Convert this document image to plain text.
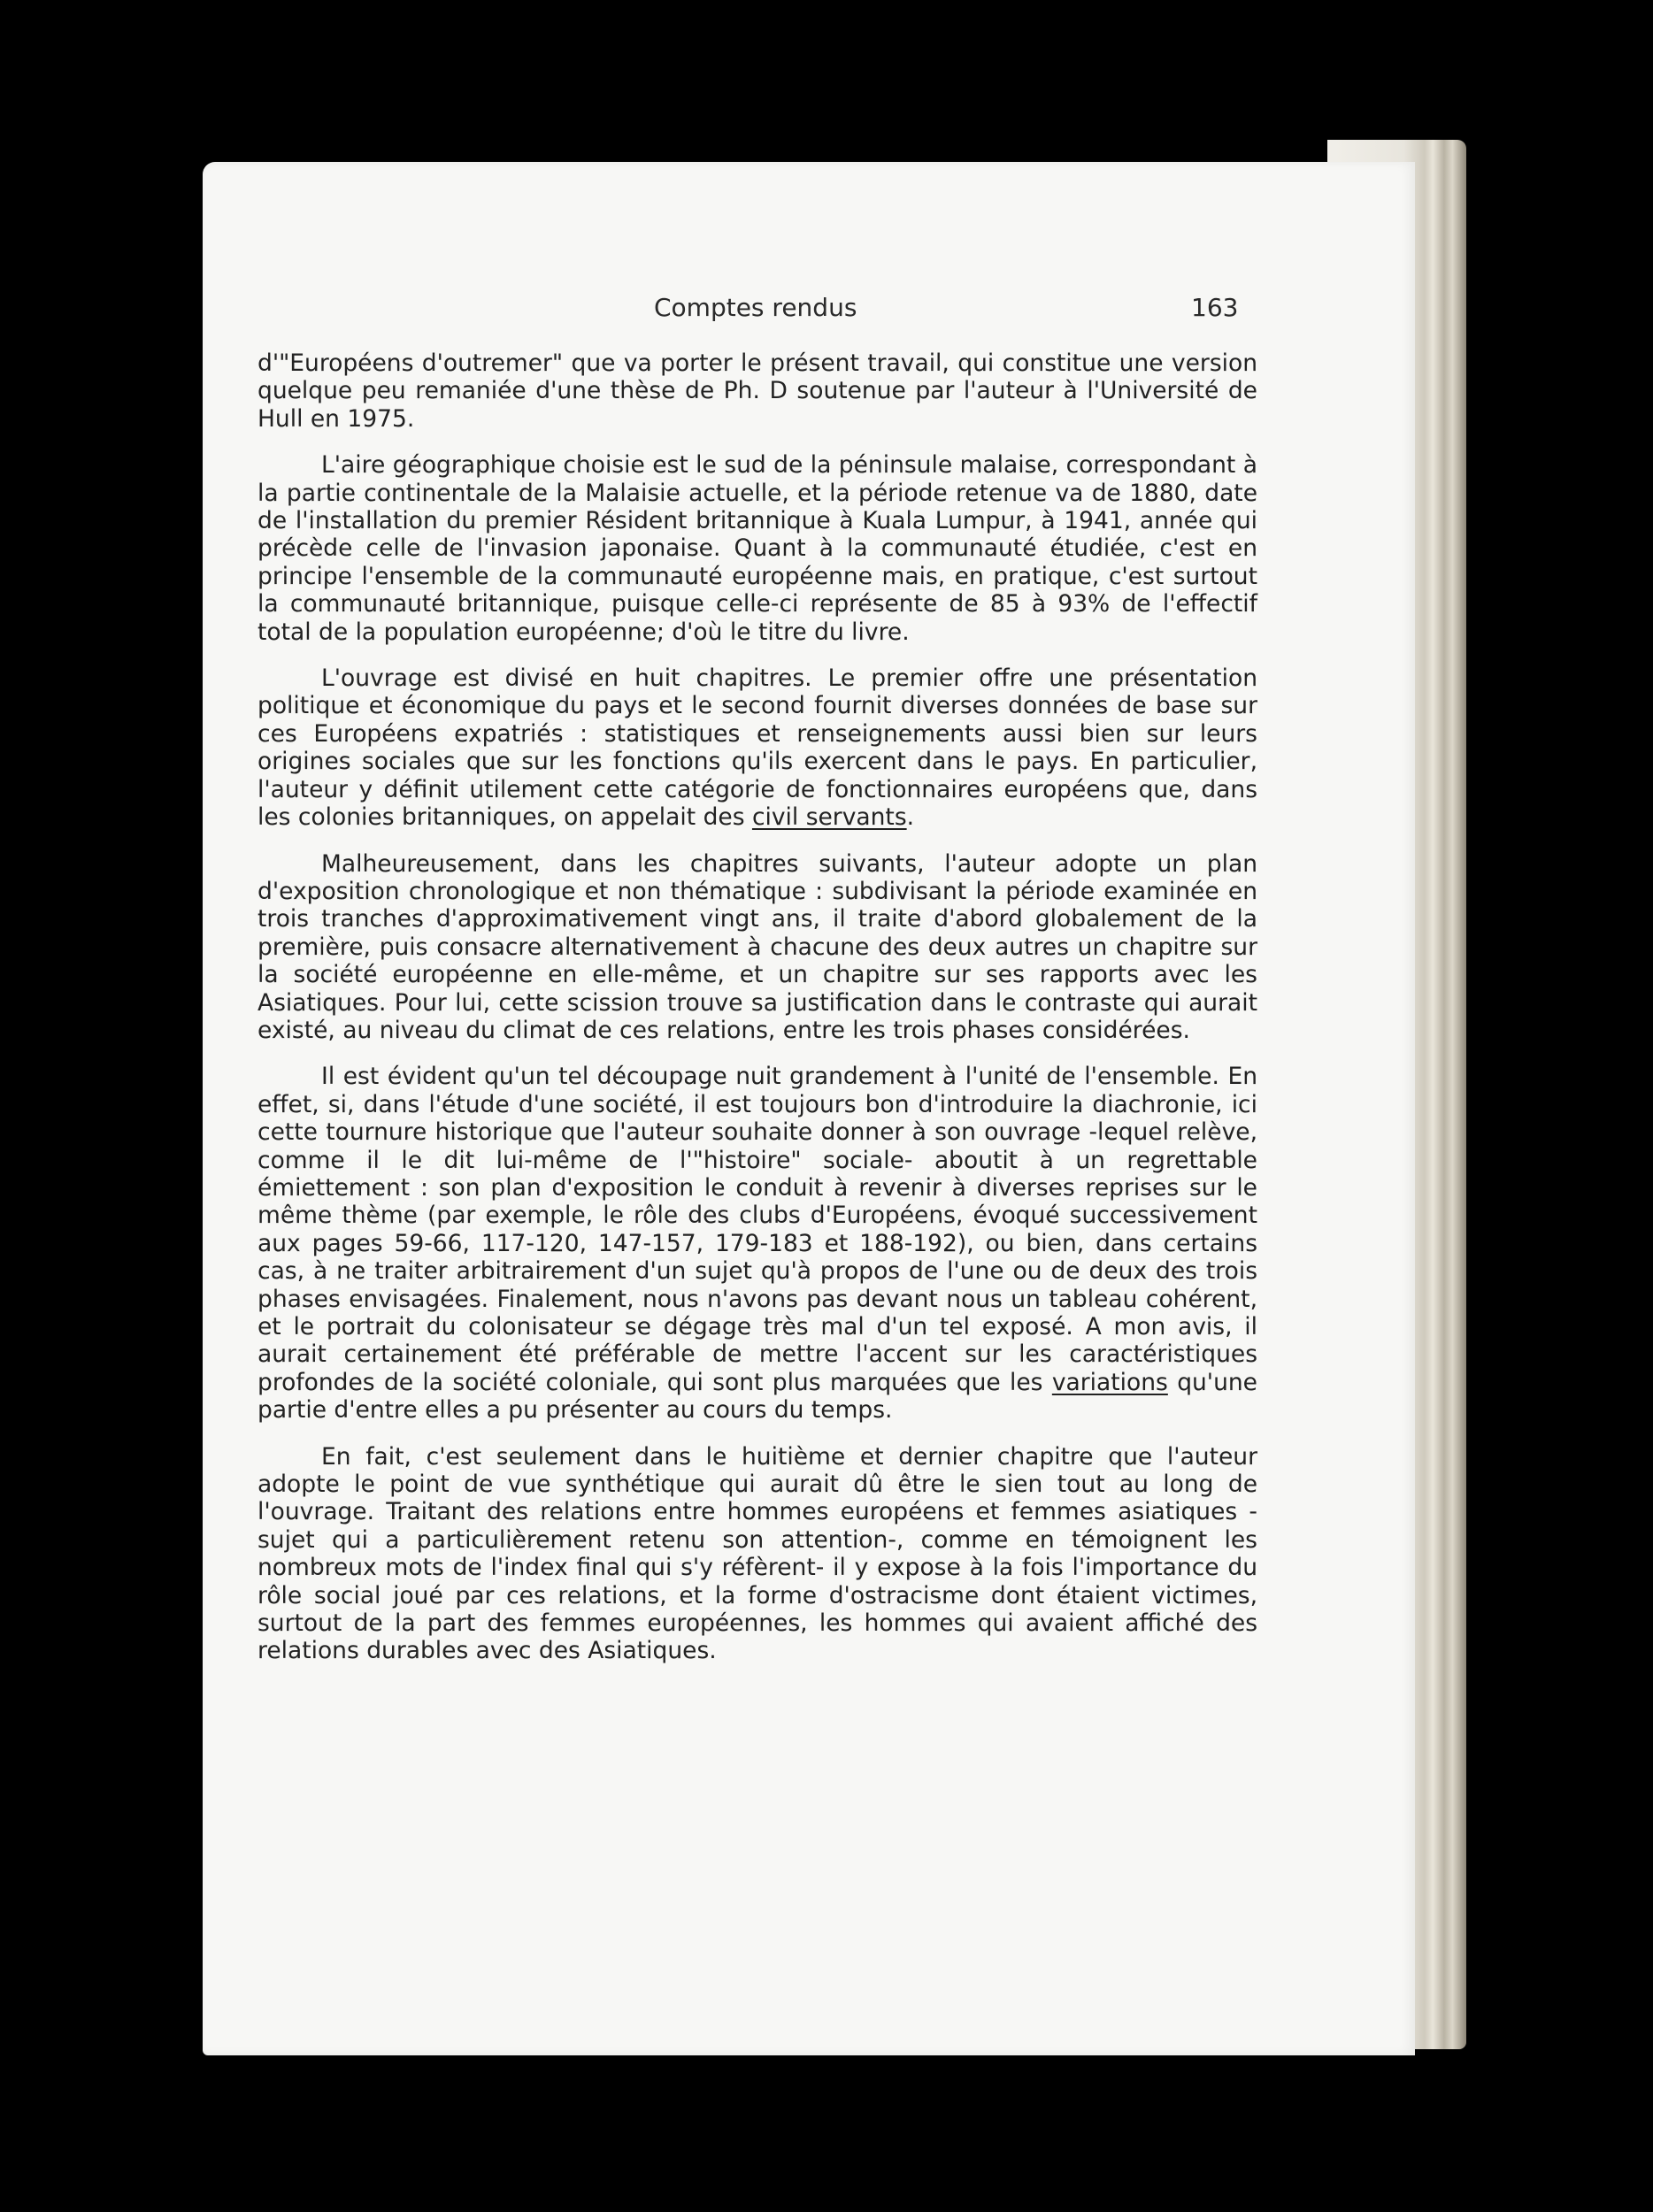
Comptes rendus	163

d'"Européens d'outremer" que va porter le présent travail, qui constitue une version quelque peu remaniée d'une thèse de Ph. D soutenue par l'auteur à l'Université de Hull en 1975.

L'aire géographique choisie est le sud de la péninsule malaise, correspondant à la partie continentale de la Malaisie actuelle, et la période retenue va de 1880, date de l'installation du premier Résident britannique à Kuala Lumpur, à 1941, année qui précède celle de l'invasion japonaise. Quant à la communauté étudiée, c'est en principe l'ensemble de la communauté européenne mais, en pratique, c'est surtout la communauté britannique, puisque celle-ci représente de 85 à 93% de l'effectif total de la population européenne; d'où le titre du livre.

L'ouvrage est divisé en huit chapitres. Le premier offre une présentation politique et économique du pays et le second fournit diverses données de base sur ces Européens expatriés : statistiques et renseignements aussi bien sur leurs origines sociales que sur les fonctions qu'ils exercent dans le pays. En particulier, l'auteur y définit utilement cette catégorie de fonctionnaires européens que, dans les colonies britanniques, on appelait des civil servants.

Malheureusement, dans les chapitres suivants, l'auteur adopte un plan d'exposition chronologique et non thématique : subdivisant la période examinée en trois tranches d'approximativement vingt ans, il traite d'abord globalement de la première, puis consacre alternativement à chacune des deux autres un chapitre sur la société européenne en elle-même, et un chapitre sur ses rapports avec les Asiatiques. Pour lui, cette scission trouve sa justification dans le contraste qui aurait existé, au niveau du climat de ces relations, entre les trois phases considérées.

Il est évident qu'un tel découpage nuit grandement à l'unité de l'ensemble. En effet, si, dans l'étude d'une société, il est toujours bon d'introduire la diachronie, ici cette tournure historique que l'auteur souhaite donner à son ouvrage -lequel relève, comme il le dit lui-même de l'"histoire" sociale- aboutit à un regrettable émiettement : son plan d'exposition le conduit à revenir à diverses reprises sur le même thème (par exemple, le rôle des clubs d'Européens, évoqué successivement aux pages 59-66, 117-120, 147-157, 179-183 et 188-192), ou bien, dans certains cas, à ne traiter arbitrairement d'un sujet qu'à propos de l'une ou de deux des trois phases envisagées. Finalement, nous n'avons pas devant nous un tableau cohérent, et le portrait du colonisateur se dégage très mal d'un tel exposé. A mon avis, il aurait certainement été préférable de mettre l'accent sur les caractéristiques profondes de la société coloniale, qui sont plus marquées que les variations qu'une partie d'entre elles a pu présenter au cours du temps.

En fait, c'est seulement dans le huitième et dernier chapitre que l'auteur adopte le point de vue synthétique qui aurait dû être le sien tout au long de l'ouvrage. Traitant des relations entre hommes européens et femmes asiatiques -sujet qui a particulièrement retenu son attention-, comme en témoignent les nombreux mots de l'index final qui s'y réfèrent- il y expose à la fois l'importance du rôle social joué par ces relations, et la forme d'ostracisme dont étaient victimes, surtout de la part des femmes européennes, les hommes qui avaient affiché des relations durables avec des Asiatiques.
